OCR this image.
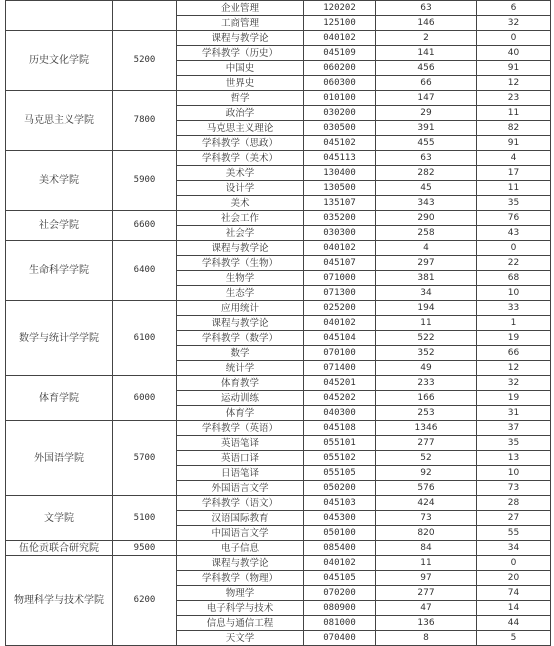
		企业管理	120202	63	6
		工商管理	125100	146	32
历史文化学院	5200	课程与教学论	040102	2	0
		学科教学（历史）	045109	141	40
		中国史	060200	456	91
		世界史	060300	66	12
马克思主义学院	7800	哲学	010100	147	23
		政治学	030200	29	11
		马克思主义理论	030500	391	82
		学科教学（思政）	045102	455	91
美术学院	5900	学科教学（美术）	045113	63	4
		美术学	130400	282	17
		设计学	130500	45	11
		美术	135107	343	35
社会学院	6600	社会工作	035200	290	76
		社会学	030300	258	43
生命科学学院	6400	课程与教学论	040102	4	0
		学科教学（生物）	045107	297	22
		生物学	071000	381	68
		生态学	071300	34	10
数学与统计学学院	6100	应用统计	025200	194	33
		课程与教学论	040102	11	1
		学科教学（数学）	045104	522	19
		数学	070100	352	66
		统计学	071400	49	12
体育学院	6000	体育教学	045201	233	32
		运动训练	045202	166	19
		体育学	040300	253	31
外国语学院	5700	学科教学（英语）	045108	1346	37
		英语笔译	055101	277	35
		英语口译	055102	52	13
		日语笔译	055105	92	10
		外国语言文学	050200	576	73
文学院	5100	学科教学（语文）	045103	424	28
		汉语国际教育	045300	73	27
		中国语言文学	050100	820	55
伍伦贡联合研究院	9500	电子信息	085400	84	34
物理科学与技术学院	6200	课程与教学论	040102	11	0
		学科教学（物理）	045105	97	20
		物理学	070200	277	74
		电子科学与技术	080900	47	14
		信息与通信工程	081000	136	44
		天文学	070400	8	5
